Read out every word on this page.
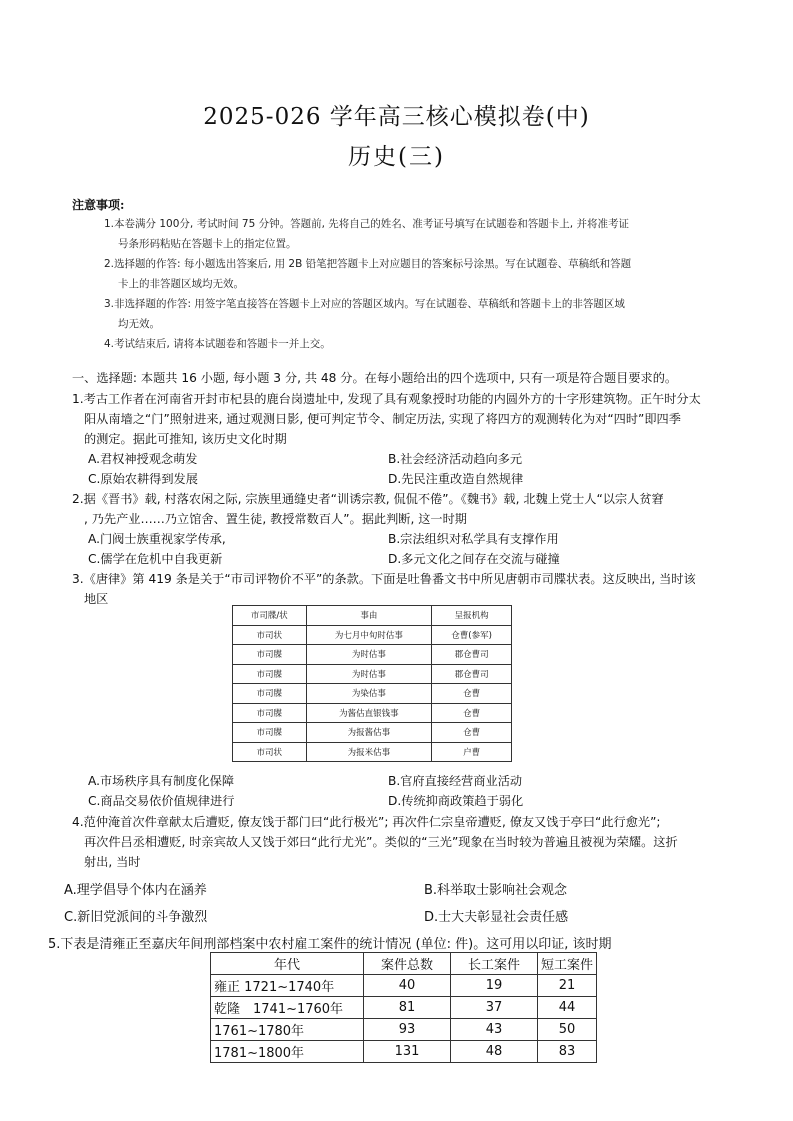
2025-026 学年高三核心模拟卷(中)
历史(三)
注意事项:
1.本卷满分 100分, 考试时间 75 分钟。答题前, 先将自己的姓名、准考证号填写在试题卷和答题卡上, 并将准考证
号条形码粘贴在答题卡上的指定位置。
2.选择题的作答: 每小题选出答案后, 用 2B 铅笔把答题卡上对应题目的答案标号涂黑。写在试题卷、草稿纸和答题
卡上的非答题区域均无效。
3.非选择题的作答: 用签字笔直接答在答题卡上对应的答题区域内。写在试题卷、草稿纸和答题卡上的非答题区域
均无效。
4.考试结束后, 请将本试题卷和答题卡一并上交。
一、选择题: 本题共 16 小题, 每小题 3 分, 共 48 分。在每小题给出的四个选项中, 只有一项是符合题目要求的。
1.考古工作者在河南省开封市杞县的鹿台岗遗址中, 发现了具有观象授时功能的内圆外方的十字形建筑物。正午时分太
阳从南墙之“门”照射进来, 通过观测日影, 便可判定节令、制定历法, 实现了将四方的观测转化为对“四时”即四季
的测定。据此可推知, 该历史文化时期
A.君权神授观念萌发	B.社会经济活动趋向多元
C.原始农耕得到发展	D.先民注重改造自然规律
2.据《晋书》载, 村落农闲之际, 宗族里通缝史者“训诱宗教, 侃侃不倦”。《魏书》载, 北魏上党士人“以宗人贫窘
, 乃先产业……乃立馆舍、置生徒, 教授常数百人”。据此判断, 这一时期
A.门阀士族重视家学传承,	B.宗法组织对私学具有支撑作用
C.儒学在危机中自我更新	D.多元文化之间存在交流与碰撞
3.《唐律》第 419 条是关于“市司评物价不平”的条款。下面是吐鲁番文书中所见唐朝市司牒状表。这反映出, 当时该
地区
市司牒/状	事由	呈报机构
市司状	为七月中旬时估事	仓曹(参军)
市司牒	为时估事	郡仓曹司
市司牒	为时估事	郡仓曹司
市司牒	为染估事	仓曹
市司牒	为酱估直银钱事	仓曹
市司牒	为报酱估事	仓曹
市司状	为报米估事	户曹
A.市场秩序具有制度化保障	B.官府直接经营商业活动
C.商品交易依价值规律进行	D.传统抑商政策趋于弱化
4.范仲淹首次件章献太后遭贬, 僚友饯于都门曰“此行极光”; 再次件仁宗皇帝遭贬, 僚友又饯于亭曰“此行愈光”;
再次件吕丞相遭贬, 时亲宾故人又饯于郊曰“此行尤光”。类似的“三光”现象在当时较为普遍且被视为荣耀。这折
射出, 当时
A.理学倡导个体内在涵养	B.科举取士影响社会观念
C.新旧党派间的斗争激烈	D.士大夫彰显社会责任感
5.下表是清雍正至嘉庆年间刑部档案中农村雇工案件的统计情况 (单位: 件)。这可用以印证, 该时期
年代	案件总数	长工案件	短工案件
雍正 1721~1740年	40	19	21
乾隆　1741~1760年	81	37	44
1761~1780年	93	43	50
1781~1800年	131	48	83
